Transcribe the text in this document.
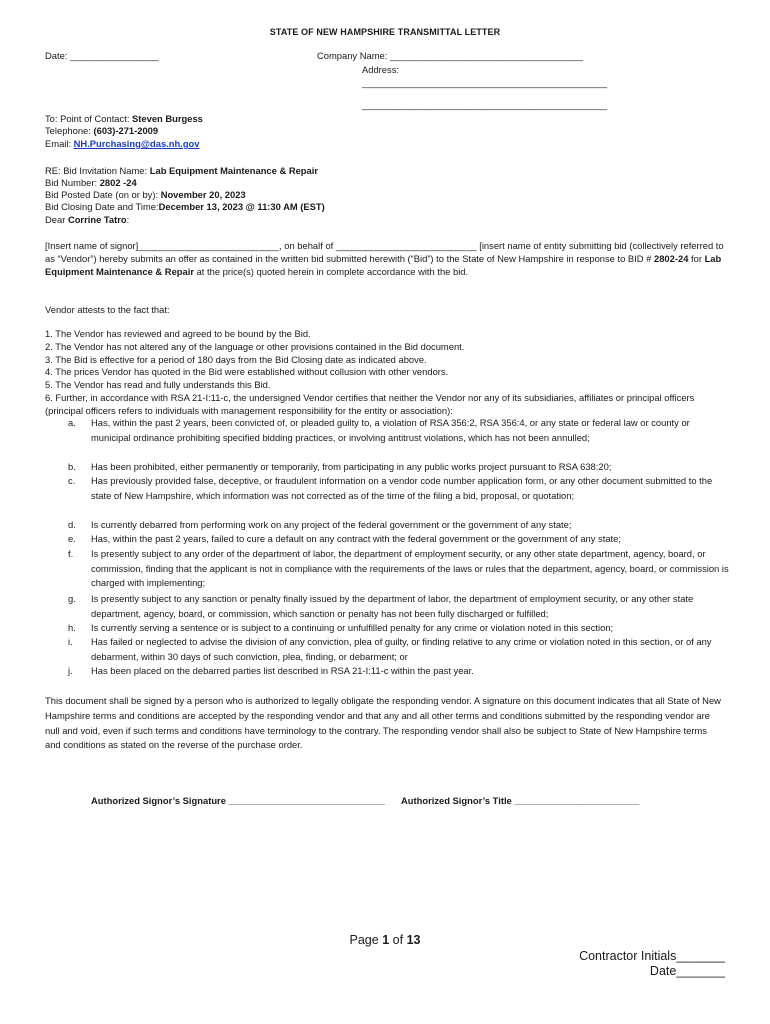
STATE OF NEW HAMPSHIRE TRANSMITTAL LETTER
Date: _________________	Company Name: _____________________________________
Address:
_______________________________________________
_______________________________________________
To: Point of Contact: Steven Burgess
Telephone: (603)-271-2009
Email: NH.Purchasing@das.nh.gov
RE: Bid Invitation Name: Lab Equipment Maintenance & Repair
Bid Number: 2802 -24
Bid Posted Date (on or by): November 20, 2023
Bid Closing Date and Time:December 13, 2023 @ 11:30 AM (EST)
Dear Corrine Tatro:
[Insert name of signor]___________________________, on behalf of ___________________________ [insert name of entity submitting bid (collectively referred to as “Vendor”) hereby submits an offer as contained in the written bid submitted herewith (“Bid”) to the State of New Hampshire in response to BID # 2802-24 for Lab Equipment Maintenance & Repair at the price(s) quoted herein in complete accordance with the bid.
Vendor attests to the fact that:
1. The Vendor has reviewed and agreed to be bound by the Bid.
2. The Vendor has not altered any of the language or other provisions contained in the Bid document.
3. The Bid is effective for a period of 180 days from the Bid Closing date as indicated above.
4. The prices Vendor has quoted in the Bid were established without collusion with other vendors.
5. The Vendor has read and fully understands this Bid.
6. Further, in accordance with RSA 21-I:11-c, the undersigned Vendor certifies that neither the Vendor nor any of its subsidiaries, affiliates or principal officers (principal officers refers to individuals with management responsibility for the entity or association):
a.	Has, within the past 2 years, been convicted of, or pleaded guilty to, a violation of RSA 356:2, RSA 356:4, or any state or federal law or county or municipal ordinance prohibiting specified bidding practices, or involving antitrust violations, which has not been annulled;
b.	Has been prohibited, either permanently or temporarily, from participating in any public works project pursuant to RSA 638:20;
c.	Has previously provided false, deceptive, or fraudulent information on a vendor code number application form, or any other document submitted to the state of New Hampshire, which information was not corrected as of the time of the filing a bid, proposal, or quotation;
d.	Is currently debarred from performing work on any project of the federal government or the government of any state;
e.	Has, within the past 2 years, failed to cure a default on any contract with the federal government or the government of any state;
f.	Is presently subject to any order of the department of labor, the department of employment security, or any other state department, agency, board, or commission, finding that the applicant is not in compliance with the requirements of the laws or rules that the department, agency, board, or commission is charged with implementing;
g.	Is presently subject to any sanction or penalty finally issued by the department of labor, the department of employment security, or any other state department, agency, board, or commission, which sanction or penalty has not been fully discharged or fulfilled;
h.	Is currently serving a sentence or is subject to a continuing or unfulfilled penalty for any crime or violation noted in this section;
i.	Has failed or neglected to advise the division of any conviction, plea of guilty, or finding relative to any crime or violation noted in this section, or of any debarment, within 30 days of such conviction, plea, finding, or debarment; or
j.	Has been placed on the debarred parties list described in RSA 21-I:11-c within the past year.
This document shall be signed by a person who is authorized to legally obligate the responding vendor. A signature on this document indicates that all State of New Hampshire terms and conditions are accepted by the responding vendor and that any and all other terms and conditions submitted by the responding vendor are null and void, even if such terms and conditions have terminology to the contrary. The responding vendor shall also be subject to State of New Hampshire terms and conditions as stated on the reverse of the purchase order.
Authorized Signor’s Signature ______________________________ Authorized Signor’s Title ________________________
Page 1 of 13
Contractor Initials_______
Date_______
